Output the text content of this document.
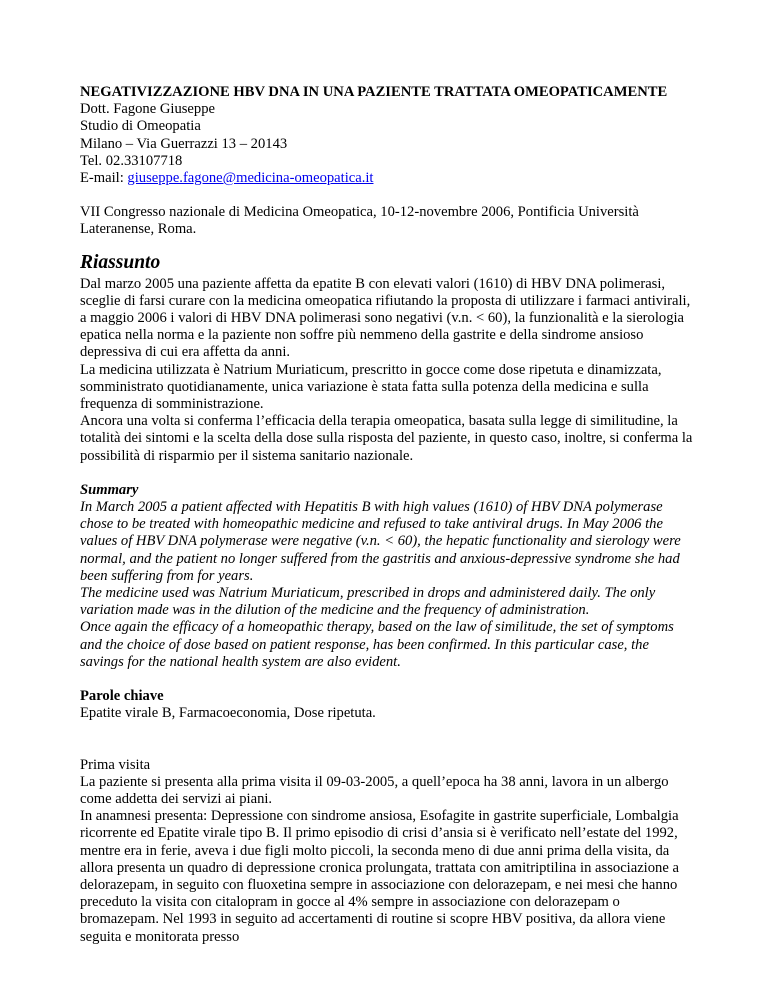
NEGATIVIZZAZIONE HBV DNA IN UNA PAZIENTE TRATTATA OMEOPATICAMENTE
Dott. Fagone Giuseppe
Studio di Omeopatia
Milano – Via Guerrazzi 13 – 20143
Tel. 02.33107718
E-mail: giuseppe.fagone@medicina-omeopatica.it

VII Congresso nazionale di Medicina Omeopatica, 10-12-novembre 2006, Pontificia Università Lateranense, Roma.

Riassunto

Dal marzo 2005 una paziente affetta da epatite B con elevati valori (1610) di HBV DNA polimerasi, sceglie di farsi curare con la medicina omeopatica rifiutando la proposta di utilizzare i farmaci antivirali, a maggio 2006 i valori di HBV DNA polimerasi sono negativi (v.n. < 60), la funzionalità e la sierologia epatica nella norma e la paziente non soffre più nemmeno della gastrite e della sindrome ansioso depressiva di cui era affetta da anni.

La medicina utilizzata è Natrium Muriaticum, prescritto in gocce come dose ripetuta e dinamizzata, somministrato quotidianamente, unica variazione è stata fatta sulla potenza della medicina e sulla frequenza di somministrazione.

Ancora una volta si conferma l’efficacia della terapia omeopatica, basata sulla legge di similitudine, la totalità dei sintomi e la scelta della dose sulla risposta del paziente, in questo caso, inoltre, si conferma la possibilità di risparmio per il sistema sanitario nazionale.

Summary

In March 2005 a patient affected with Hepatitis B with high values (1610) of HBV DNA polymerase chose to be treated with homeopathic medicine and refused to take antiviral drugs. In May 2006 the values of HBV DNA polymerase were negative (v.n. < 60), the hepatic functionality and sierology were normal, and the patient no longer suffered from the gastritis and anxious-depressive syndrome she had been suffering from for years.

The medicine used was Natrium Muriaticum, prescribed in drops and administered daily. The only variation made was in the dilution of the medicine and the frequency of administration.

Once again the efficacy of a homeopathic therapy, based on the law of similitude, the set of symptoms and the choice of dose based on patient response, has been confirmed. In this particular case, the savings for the national health system are also evident.

Parole chiave

Epatite virale B, Farmacoeconomia, Dose ripetuta.

Prima visita

La paziente si presenta alla prima visita il 09-03-2005, a quell’epoca ha 38 anni, lavora in un albergo come addetta dei servizi ai piani.

In anamnesi presenta: Depressione con sindrome ansiosa, Esofagite in gastrite superficiale, Lombalgia ricorrente ed Epatite virale tipo B. Il primo episodio di crisi d’ansia si è verificato nell’estate del 1992, mentre era in ferie, aveva i due figli molto piccoli, la seconda meno di due anni prima della visita, da allora presenta un quadro di depressione cronica prolungata, trattata con amitriptilina in associazione a delorazepam, in seguito con fluoxetina sempre in associazione con delorazepam, e nei mesi che hanno preceduto la visita con citalopram in gocce al 4% sempre in associazione con delorazepam o bromazepam. Nel 1993 in seguito ad accertamenti di routine si scopre HBV positiva, da allora viene seguita e monitorata presso
